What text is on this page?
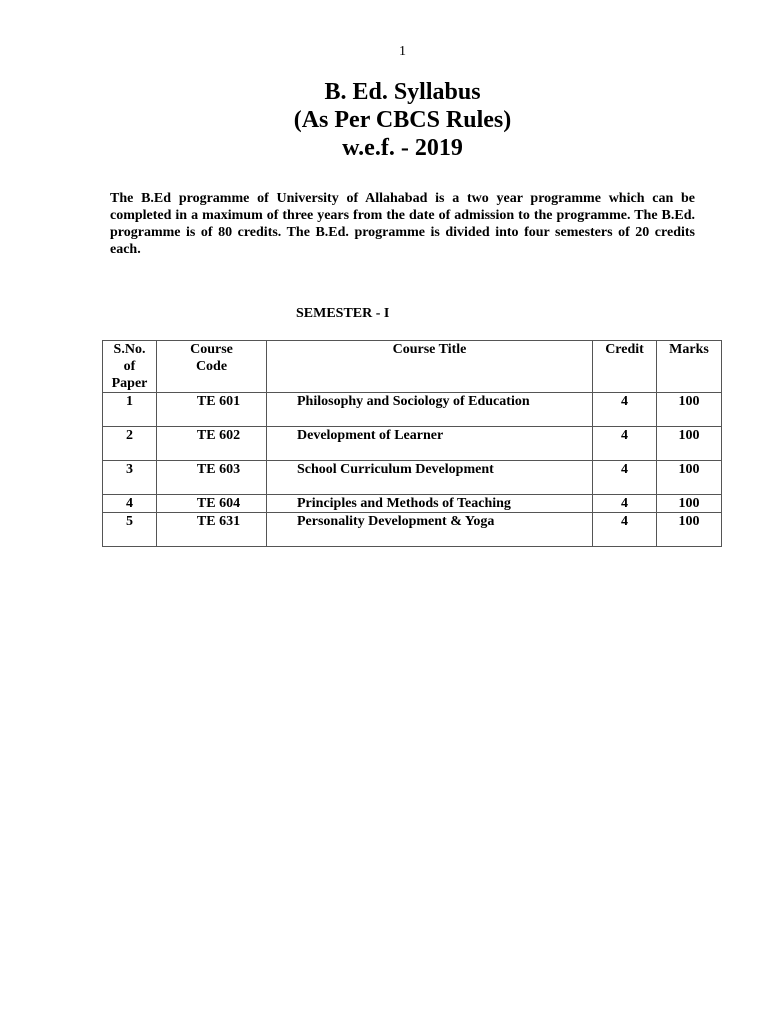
1
B. Ed. Syllabus
(As Per CBCS Rules)
w.e.f. - 2019
The B.Ed programme of University of Allahabad is a two year programme which can be completed in a maximum of three years from the date of admission to the programme. The B.Ed. programme is of 80 credits. The B.Ed. programme is divided into four semesters of 20 credits each.
SEMESTER - I
S.No. of Paper	Course Code	Course Title	Credit	Marks
1	TE 601	Philosophy and Sociology of Education	4	100
2	TE 602	Development of Learner	4	100
3	TE 603	School Curriculum Development	4	100
4	TE 604	Principles and Methods of Teaching	4	100
5	TE 631	Personality Development & Yoga	4	100
